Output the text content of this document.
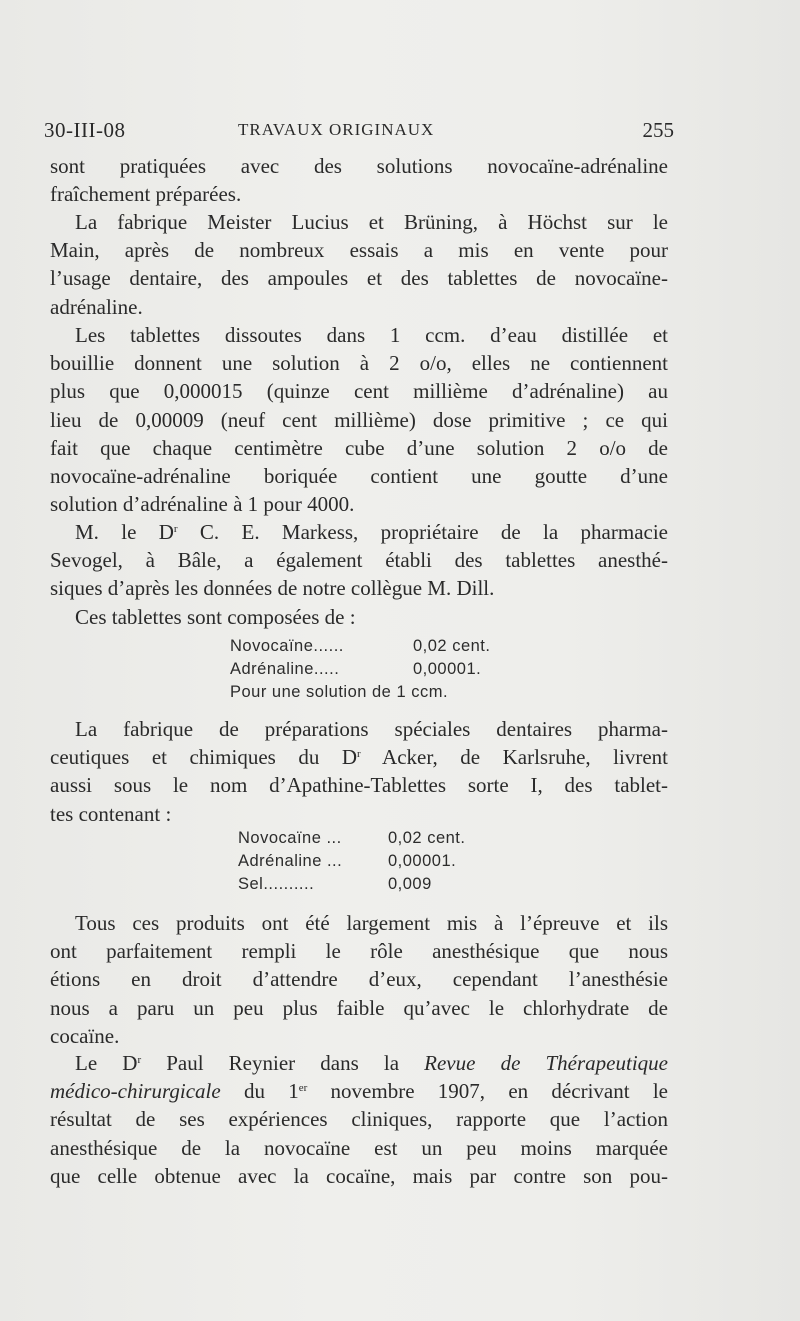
30-III-08	TRAVAUX ORIGINAUX	255
sont pratiquées avec des solutions novocaïne-adrénaline
fraîchement préparées.
La fabrique Meister Lucius et Brüning, à Höchst sur le
Main, après de nombreux essais a mis en vente pour
l’usage dentaire, des ampoules et des tablettes de novocaïne-
adrénaline.
Les tablettes dissoutes dans 1 ccm. d’eau distillée et
bouillie donnent une solution à 2 o/o, elles ne contiennent
plus que 0,000015 (quinze cent millième d’adrénaline) au
lieu de 0,00009 (neuf cent millième) dose primitive ; ce qui
fait que chaque centimètre cube d’une solution 2 o/o de
novocaïne-adrénaline boriquée contient une goutte d’une
solution d’adrénaline à 1 pour 4000.
M. le $D^r$ C. E. Markess, propriétaire de la pharmacie
Sevogel, à Bâle, a également établi des tablettes anesthé-
siques d’après les données de notre collègue M. Dill.
Ces tablettes sont composées de :
Novocaïne......	0,02 cent.
Adrénaline.....	0,00001.
Pour une solution de 1 ccm.
La fabrique de préparations spéciales dentaires pharma-
ceutiques et chimiques du $D^r$ Acker, de Karlsruhe, livrent
aussi sous le nom d’Apathine-Tablettes sorte I, des tablet-
tes contenant :
Novocaïne ...	0,02 cent.
Adrénaline ...	0,00001.
Sel..........	0,009
Tous ces produits ont été largement mis à l’épreuve et ils
ont parfaitement rempli le rôle anesthésique que nous
étions en droit d’attendre d’eux, cependant l’anesthésie
nous a paru un peu plus faible qu’avec le chlorhydrate de
cocaïne.
Le $D^r$ Paul Reynier dans la Revue de Thérapeutique
médico-chirurgicale du 1er novembre 1907, en décrivant le
résultat de ses expériences cliniques, rapporte que l’action
anesthésique de la novocaïne est un peu moins marquée
que celle obtenue avec la cocaïne, mais par contre son pou-
